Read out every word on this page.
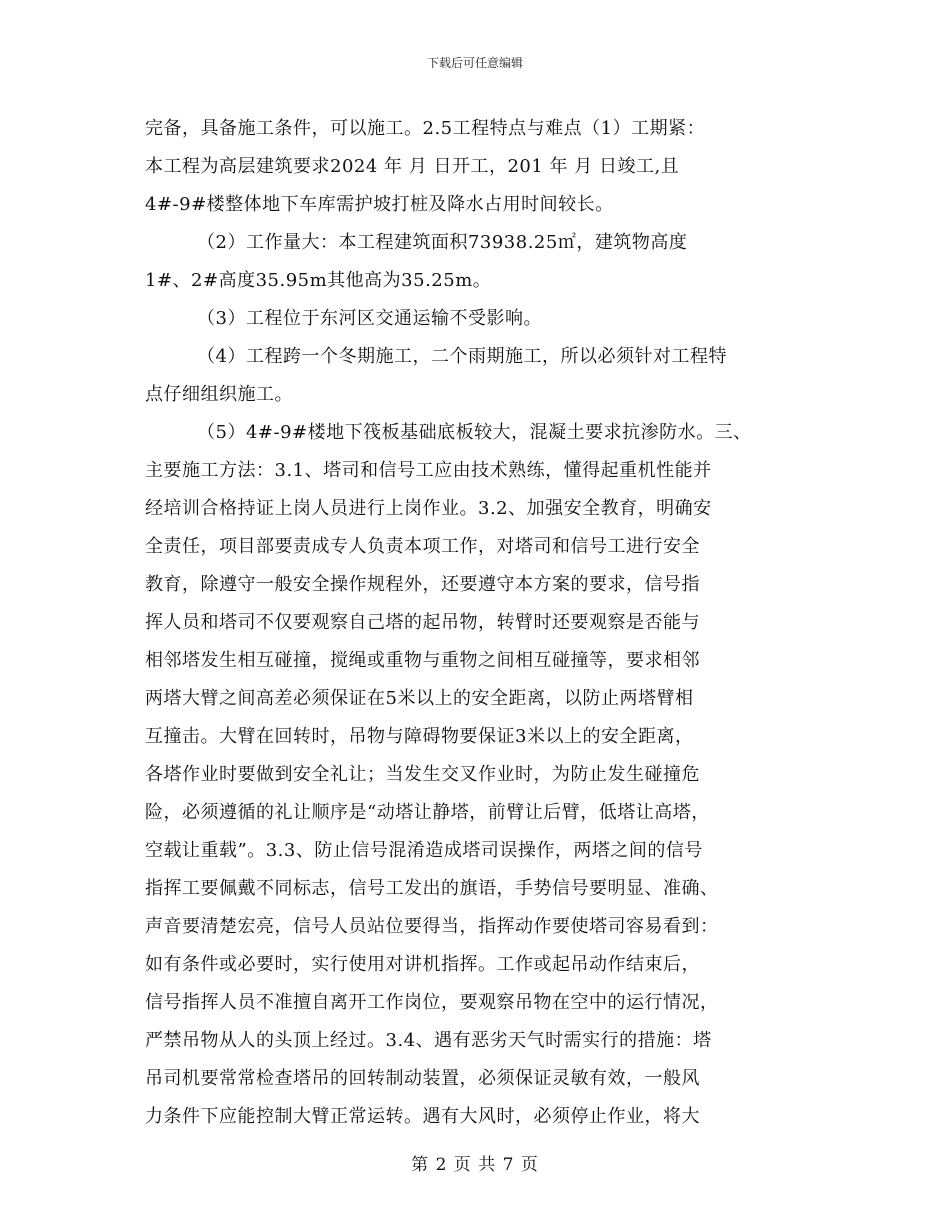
下载后可任意编辑
完备，具备施工条件，可以施工。2.5工程特点与难点（1）工期紧：
本工程为高层建筑要求2024 年 月 日开工，201 年 月 日竣工,且
4#-9#楼整体地下车库需护坡打桩及降水占用时间较长。
（2）工作量大：本工程建筑面积73938.25㎡，建筑物高度
1#、2#高度35.95m其他高为35.25m。
（3）工程位于东河区交通运输不受影响。
（4）工程跨一个冬期施工，二个雨期施工，所以必须针对工程特
点仔细组织施工。
（5）4#-9#楼地下筏板基础底板较大，混凝土要求抗渗防水。三、
主要施工方法：3.1、塔司和信号工应由技术熟练，懂得起重机性能并
经培训合格持证上岗人员进行上岗作业。3.2、加强安全教育，明确安
全责任，项目部要责成专人负责本项工作，对塔司和信号工进行安全
教育，除遵守一般安全操作规程外，还要遵守本方案的要求，信号指
挥人员和塔司不仅要观察自己塔的起吊物，转臂时还要观察是否能与
相邻塔发生相互碰撞，搅绳或重物与重物之间相互碰撞等，要求相邻
两塔大臂之间高差必须保证在5米以上的安全距离，以防止两塔臂相
互撞击。大臂在回转时，吊物与障碍物要保证3米以上的安全距离，
各塔作业时要做到安全礼让；当发生交叉作业时，为防止发生碰撞危
险，必须遵循的礼让顺序是“动塔让静塔，前臂让后臂，低塔让高塔，
空载让重载”。3.3、防止信号混淆造成塔司误操作，两塔之间的信号
指挥工要佩戴不同标志，信号工发出的旗语，手势信号要明显、准确、
声音要清楚宏亮，信号人员站位要得当，指挥动作要使塔司容易看到：
如有条件或必要时，实行使用对讲机指挥。工作或起吊动作结束后，
信号指挥人员不准擅自离开工作岗位，要观察吊物在空中的运行情况，
严禁吊物从人的头顶上经过。3.4、遇有恶劣天气时需实行的措施：塔
吊司机要常常检查塔吊的回转制动装置，必须保证灵敏有效，一般风
力条件下应能控制大臂正常运转。遇有大风时，必须停止作业，将大
第 2 页 共 7 页
